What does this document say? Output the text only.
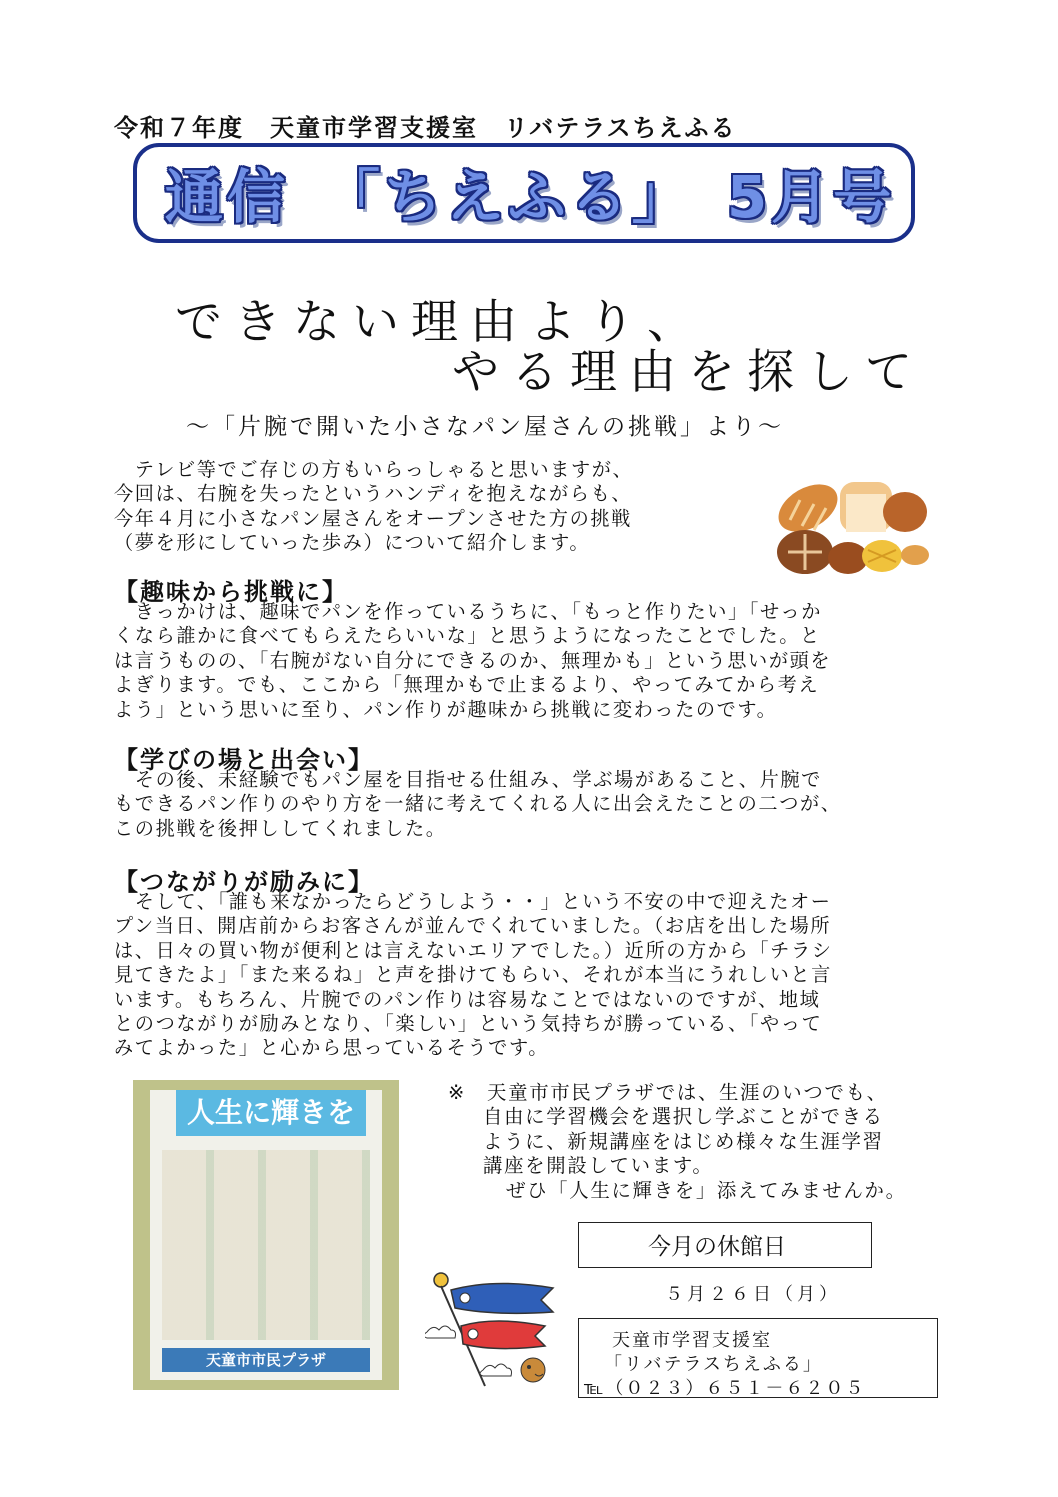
令和７年度　天童市学習支援室　リバテラスちえふる
通信　「ちえふる」　5月号
できない理由より、
やる理由を探して
～「片腕で開いた小さなパン屋さんの挑戦」より～
　テレビ等でご存じの方もいらっしゃると思いますが、
今回は、右腕を失ったというハンディを抱えながらも、
今年４月に小さなパン屋さんをオープンさせた方の挑戦
（夢を形にしていった歩み）について紹介します。
【趣味から挑戦に】
　きっかけは、趣味でパンを作っているうちに、「もっと作りたい」「せっか
くなら誰かに食べてもらえたらいいな」と思うようになったことでした。と
は言うものの、「右腕がない自分にできるのか、無理かも」という思いが頭を
よぎります。でも、ここから「無理かもで止まるより、やってみてから考え
よう」という思いに至り、パン作りが趣味から挑戦に変わったのです。
【学びの場と出会い】
　その後、未経験でもパン屋を目指せる仕組み、学ぶ場があること、片腕で
もできるパン作りのやり方を一緒に考えてくれる人に出会えたことの二つが、
この挑戦を後押ししてくれました。
【つながりが励みに】
　そして、「誰も来なかったらどうしよう・・」という不安の中で迎えたオー
プン当日、開店前からお客さんが並んでくれていました。（お店を出した場所
は、日々の買い物が便利とは言えないエリアでした。）近所の方から「チラシ
見てきたよ」「また来るね」と声を掛けてもらい、それが本当にうれしいと言
います。もちろん、片腕でのパン作りは容易なことではないのですが、地域
とのつながりが励みとなり、「楽しい」という気持ちが勝っている、「やって
みてよかった」と心から思っているそうです。
人生に輝きを
天童市市民プラザ
※　天童市市民プラザでは、生涯のいつでも、
自由に学習機会を選択し学ぶことができる
ように、新規講座をはじめ様々な生涯学習
講座を開設しています。
ぜひ「人生に輝きを」添えてみませんか。
今月の休館日
５月２６日（月）
天童市学習支援室
「リバテラスちえふる」
℡（０２３）６５１－６２０５
